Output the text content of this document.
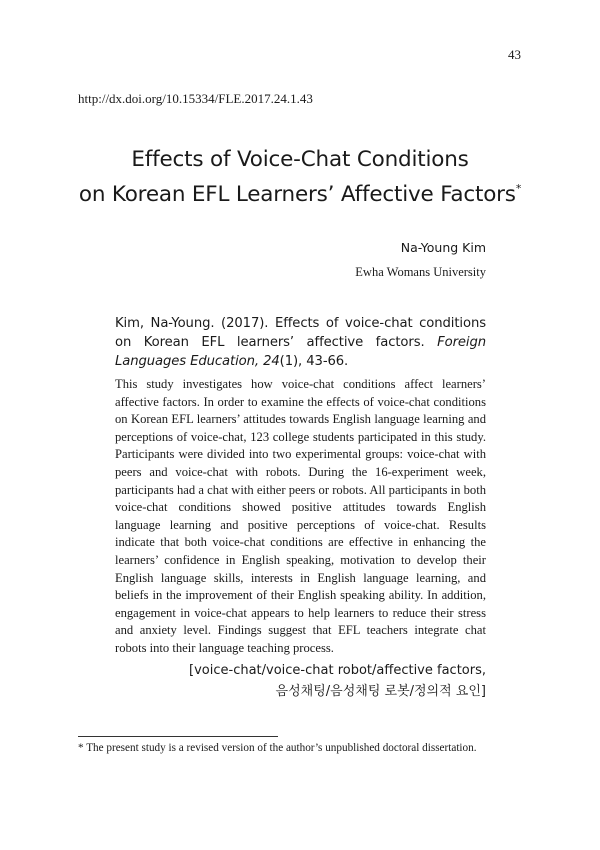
43
http://dx.doi.org/10.15334/FLE.2017.24.1.43
Effects of Voice-Chat Conditions
on Korean EFL Learners’ Affective Factors*
Na-Young Kim
Ewha Womans University
Kim, Na-Young. (2017). Effects of voice-chat conditions on Korean EFL learners’ affective factors. Foreign Languages Education, 24(1), 43-66.
This study investigates how voice-chat conditions affect learners’ affective factors. In order to examine the effects of voice-chat conditions on Korean EFL learners’ attitudes towards English language learning and perceptions of voice-chat, 123 college students participated in this study. Participants were divided into two experimental groups: voice-chat with peers and voice-chat with robots. During the 16-experiment week, participants had a chat with either peers or robots. All participants in both voice-chat conditions showed positive attitudes towards English language learning and positive perceptions of voice-chat. Results indicate that both voice-chat conditions are effective in enhancing the learners’ confidence in English speaking, motivation to develop their English language skills, interests in English language learning, and beliefs in the improvement of their English speaking ability. In addition, engagement in voice-chat appears to help learners to reduce their stress and anxiety level. Findings suggest that EFL teachers integrate chat robots into their language teaching process.
[voice-chat/voice-chat robot/affective factors,
음성채팅/음성채팅 로봇/정의적 요인]
* The present study is a revised version of the author’s unpublished doctoral dissertation.
